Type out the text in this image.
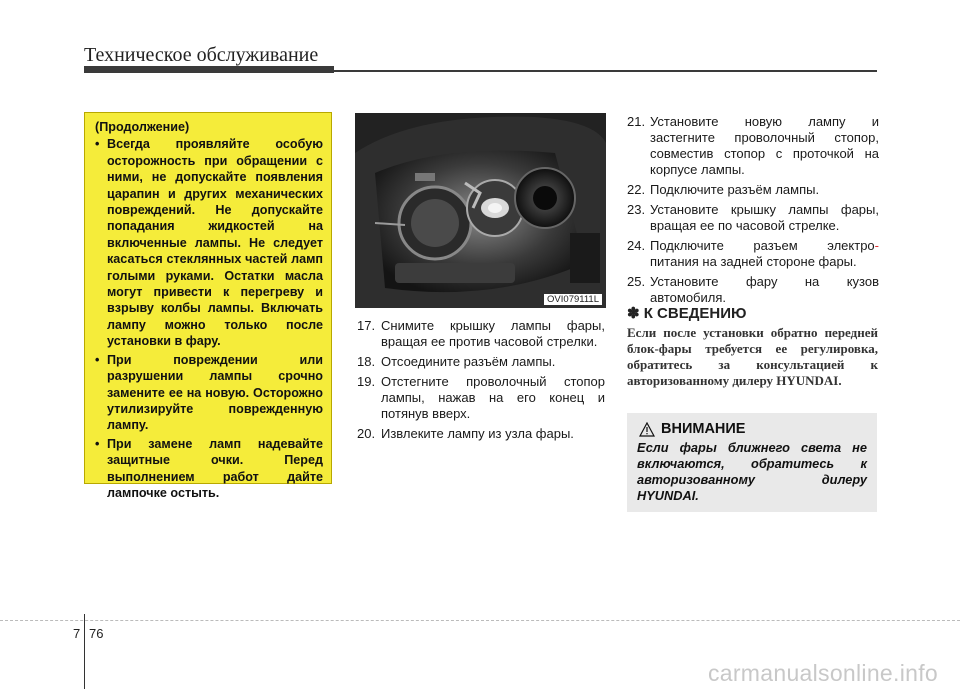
Техническое обслуживание
(Продолжение)
• Всегда проявляйте особую осторожность при обращении с ними, не допускайте появления царапин и других механических повреждений. Не допускайте попадания жидкостей на включенные лампы. Не следует касаться стеклянных частей ламп голыми руками. Остатки масла могут привести к перегреву и взрыву колбы лампы. Включать лампу можно только после установки в фару.
• При повреждении или разрушении лампы срочно замените ее на новую. Осторожно утилизируйте поврежденную лампу.
• При замене ламп надевайте защитные очки. Перед выполнением работ дайте лампочке остыть.
OVI079111L
17. Снимите крышку лампы фары, вращая ее против часовой стрелки.
18. Отсоедините разъём лампы.
19. Отстегните проволочный стопор лампы, нажав на его конец и потянув вверх.
20. Извлеките лампу из узла фары.
21. Установите новую лампу и застегните проволочный стопор, совместив стопор с проточкой на корпусе лампы.
22. Подключите разъём лампы.
23. Установите крышку лампы фары, вращая ее по часовой стрелке.
24. Подключите разъем электро- питания на задней стороне фары.
25. Установите фару на кузов автомобиля.
✽ К СВЕДЕНИЮ
Если после установки обратно передней блок-фары требуется ее регулировка, обратитесь за консультацией к авторизованному дилеру HYUNDAI.
ВНИМАНИЕ
Если фары ближнего света не включаются, обратитесь к авторизованному дилеру HYUNDAI.
7 76
carmanualsonline.info
